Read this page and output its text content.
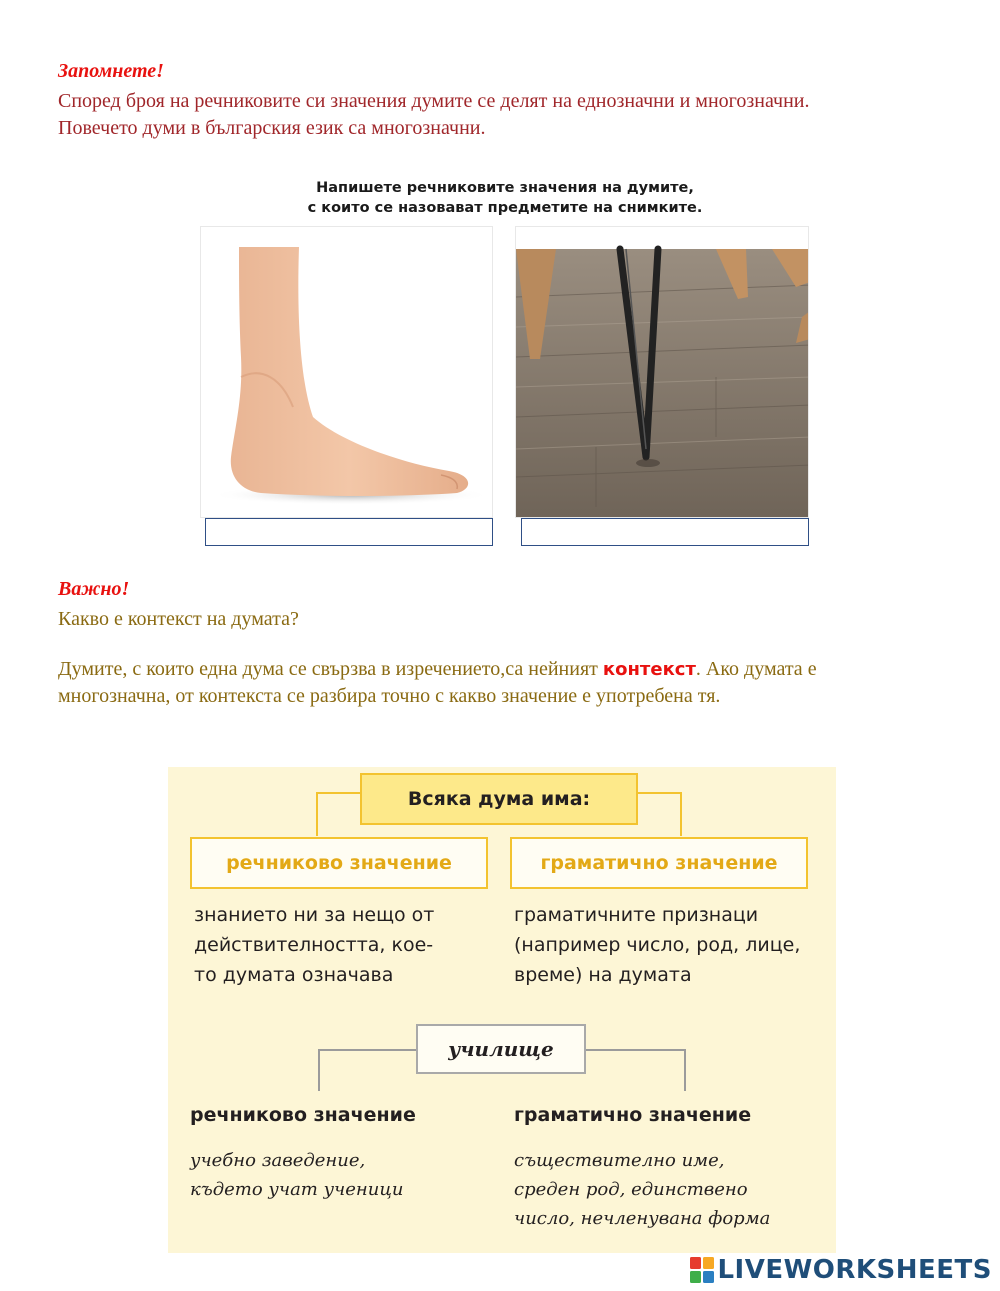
Запомнете!
Според броя на речниковите си значения думите се делят на еднозначни и многозначни.
Повечето думи в българския език са многозначни.
Напишете речниковите значения на думите,
с които се назовават предметите на снимките.
Важно!
Какво е контекст на думата?
Думите, с които една дума се свързва в изречението,са нейният контекст. Ако думата е
многозначна, от контекста се разбира точно с какво значение е употребена тя.
Всяка дума има:
речниково значение	граматично значение
знанието ни за нещо от
действителността, кое-
то думата означава
граматичните признаци
(например число, род, лице,
време) на думата
училище
речниково значение	граматично значение
учебно заведение,
където учат ученици
съществително име,
среден род, единствено
число, нечленувана форма
LIVEWORKSHEETS
